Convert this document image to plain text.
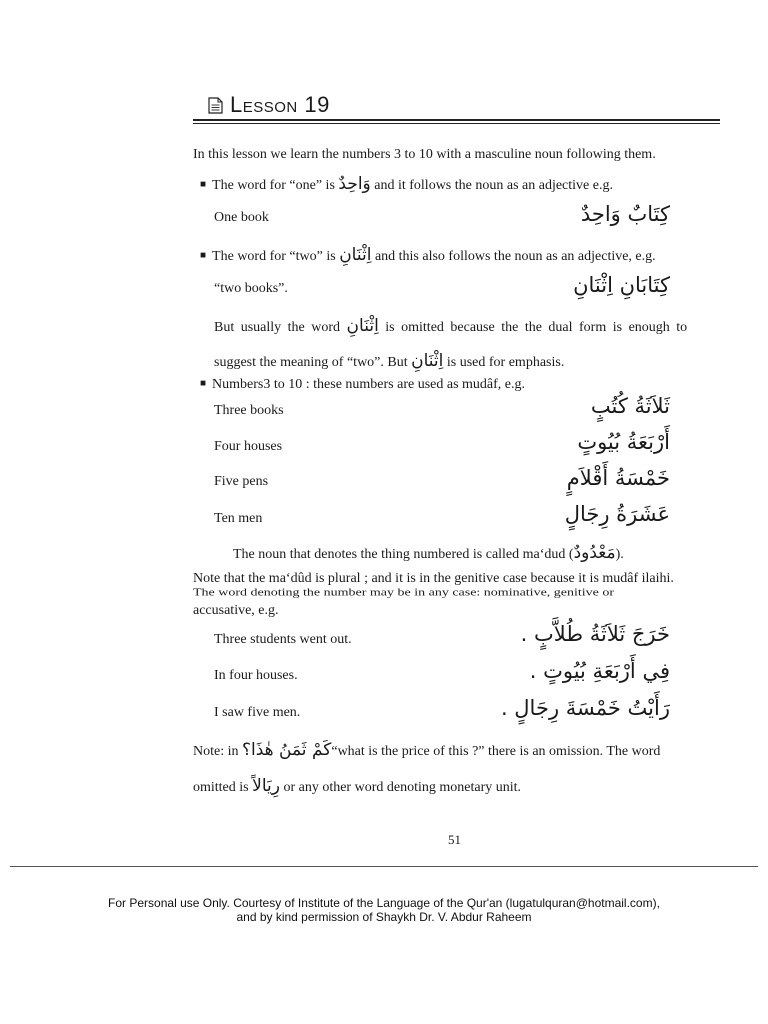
Lesson 19
In this lesson we learn the numbers 3 to 10 with a masculine noun following them.
■ The word for “one” is وَاحِدٌ and it follows the noun as an adjective e.g.
One book	كِتَابٌ وَاحِدٌ
■ The word for “two” is اِثْنَانِ and this also follows the noun as an adjective, e.g.
“two books”.	كِتَابَانِ اِثْنَانِ
But usually the word اِثْنَانِ is omitted because the the dual form is enough to
suggest the meaning of “two”. But اِثْنَانِ is used for emphasis.
■ Numbers3 to 10 : these numbers are used as mudâf, e.g.
Three books	ثَلاَثَةُ كُتُبٍ
Four houses	أَرْبَعَةُ بُيُوتٍ
Five pens	خَمْسَةُ أَقْلاَمٍ
Ten men	عَشَرَةُ رِجَالٍ
The noun that denotes the thing numbered is called ma‘dud (مَعْدُودٌ).
Note that the ma‘dûd is plural ; and it is in the genitive case because it is mudâf ilaihi.
The word denoting the number may be in any case: nominative, genitive or
accusative, e.g.
Three students went out.	خَرَجَ ثَلاَثَةُ طُلاَّبٍ .
In four houses.	فِي أَرْبَعَةِ بُيُوتٍ .
I saw five men.	رَأَيْتُ خَمْسَةَ رِجَالٍ .
Note: in كَمْ ثَمَنُ هٰذَا؟“what is the price of this ?” there is an omission. The word
omitted is رِيَالاً or any other word denoting monetary unit.
51
For Personal use Only. Courtesy of Institute of the Language of the Qur'an (lugatulquran@hotmail.com),
and by kind permission of Shaykh Dr. V. Abdur Raheem
